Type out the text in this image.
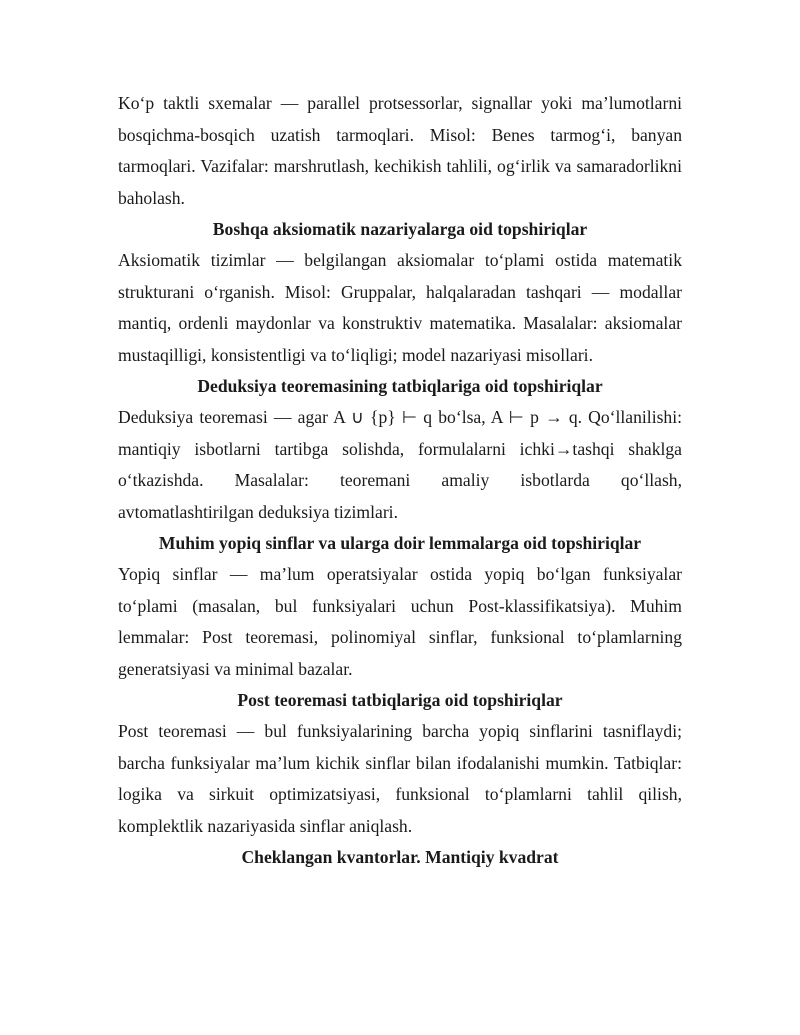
Ko‘p taktli sxemalar — parallel protsessorlar, signallar yoki ma’lumotlarni bosqichma-bosqich uzatish tarmoqlari. Misol: Benes tarmog‘i, banyan tarmoqlari. Vazifalar: marshrutlash, kechikish tahlili, og‘irlik va samaradorlikni baholash.

Boshqa aksiomatik nazariyalarga oid topshiriqlar

Aksiomatik tizimlar — belgilangan aksiomalar to‘plami ostida matematik strukturani o‘rganish. Misol: Gruppalar, halqalaradan tashqari — modallar mantiq, ordenli maydonlar va konstruktiv matematika. Masalalar: aksiomalar mustaqilligi, konsistentligi va to‘liqligi; model nazariyasi misollari.

Deduksiya teoremasining tatbiqlariga oid topshiriqlar

Deduksiya teoremasi — agar A ∪ {p} ⊢ q bo‘lsa, A ⊢ p → q. Qo‘llanilishi: mantiqiy isbotlarni tartibga solishda, formulalarni ichki→tashqi shaklga o‘tkazishda. Masalalar: teoremani amaliy isbotlarda qo‘llash, avtomatlashtirilgan deduksiya tizimlari.

Muhim yopiq sinflar va ularga doir lemmalarga oid topshiriqlar

Yopiq sinflar — ma’lum operatsiyalar ostida yopiq bo‘lgan funksiyalar to‘plami (masalan, bul funksiyalari uchun Post-klassifikatsiya). Muhim lemmalar: Post teoremasi, polinomiyal sinflar, funksional to‘plamlarning generatsiyasi va minimal bazalar.

Post teoremasi tatbiqlariga oid topshiriqlar

Post teoremasi — bul funksiyalarining barcha yopiq sinflarini tasniflaydi; barcha funksiyalar ma’lum kichik sinflar bilan ifodalanishi mumkin. Tatbiqlar: logika va sirkuit optimizatsiyasi, funksional to‘plamlarni tahlil qilish, komplektlik nazariyasida sinflar aniqlash.

Cheklangan kvantorlar. Mantiqiy kvadrat
